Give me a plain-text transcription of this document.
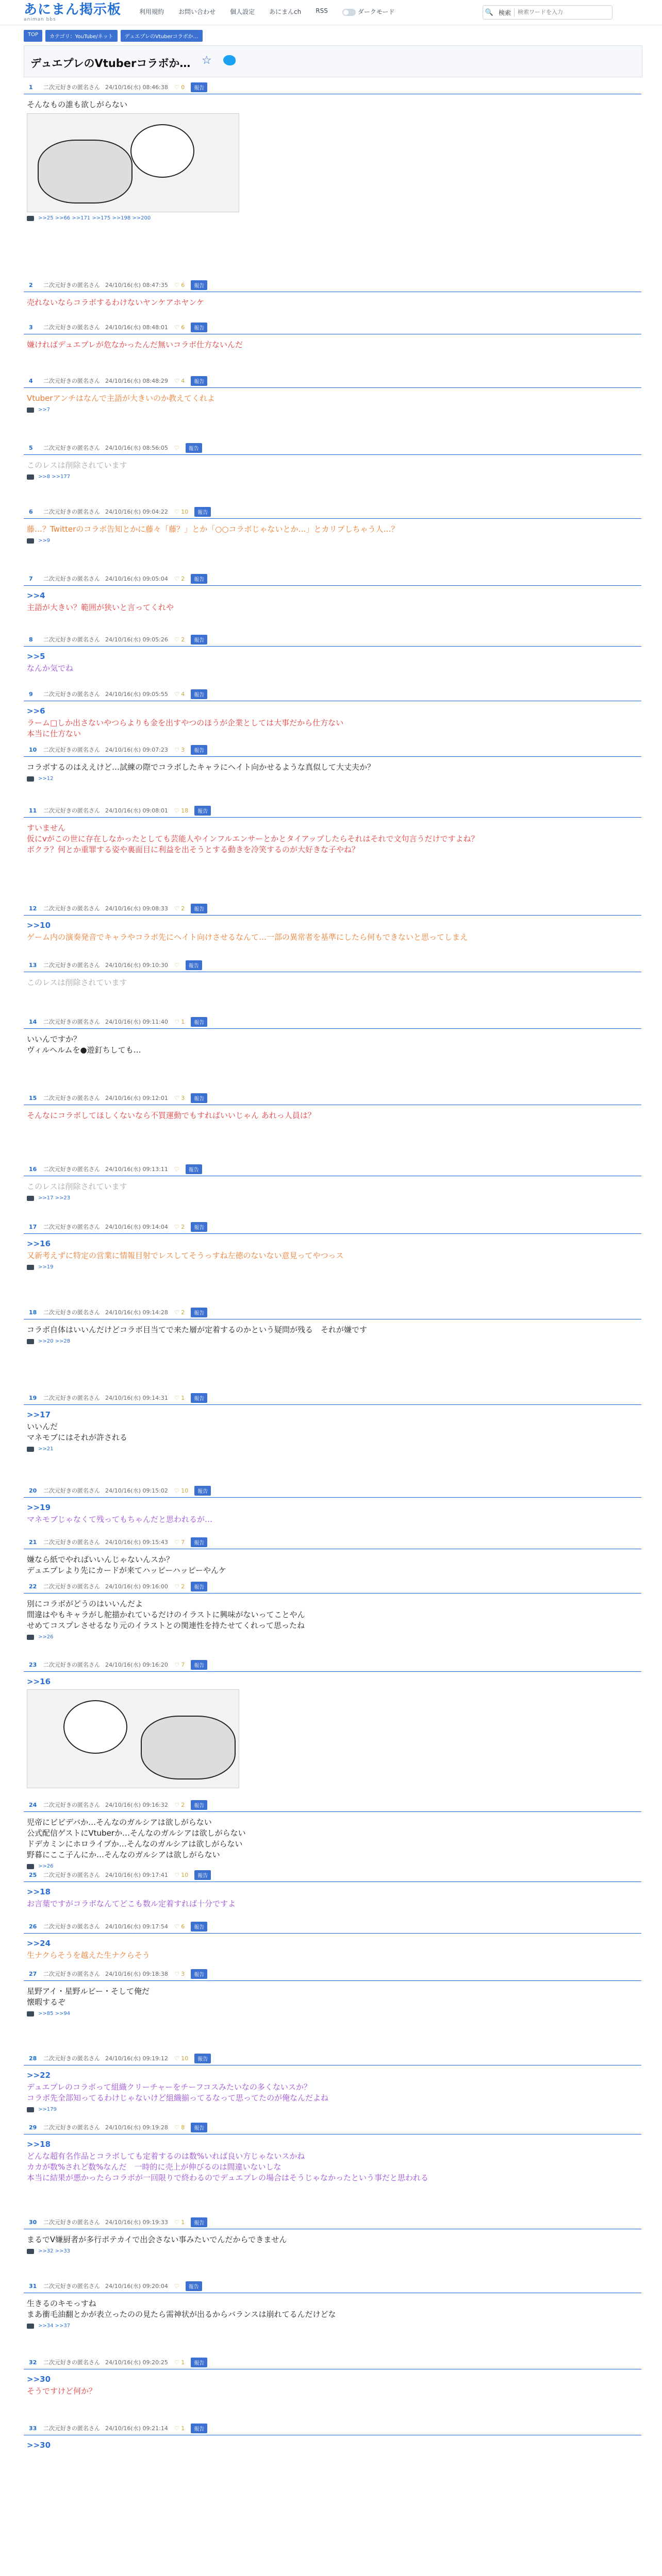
あにまん掲示板
animan bbs
利用規約 お問い合わせ 個人設定 あにまんch RSS	ダークモード	🔍 検索
検索ワードを入力
TOP	カテゴリ：YouTube/ネット	デュエプレのVtuberコラボか…
デュエプレのVtuberコラボか… ☆
1	二次元好きの匿名さん 24/10/16(水) 08:46:38 ♡ 0	報告
そんなもの誰も欲しがらない
>>25 >>66 >>171 >>175 >>198 >>200
2	二次元好きの匿名さん 24/10/16(水) 08:47:35 ♡ 6	報告
売れないならコラボするわけないヤンケアホヤンケ
3	二次元好きの匿名さん 24/10/16(水) 08:48:01 ♡ 6	報告
嫌ければデュエプレが危なかったんだ無いコラボ仕方ないんだ
4	二次元好きの匿名さん 24/10/16(水) 08:48:29 ♡ 4	報告
Vtuberアンチはなんで主語が大きいのか教えてくれよ
>>7
5	二次元好きの匿名さん 24/10/16(水) 08:56:05 ♡	報告
このレスは削除されています
>>8 >>177
6	二次元好きの匿名さん 24/10/16(水) 09:04:22 ♡ 10	報告
藤…？Twitterのコラボ告知とかに藤々「藤？」とか「○○コラボじゃないとか…」とカリプしちゃう人…？
>>9
7	二次元好きの匿名さん 24/10/16(水) 09:05:04 ♡ 2	報告
>>4
主語が大きい？範囲が狭いと言ってくれや
8	二次元好きの匿名さん 24/10/16(水) 09:05:26 ♡ 2	報告
>>5
なんか気でね
9	二次元好きの匿名さん 24/10/16(水) 09:05:55 ♡ 4	報告
>>6
ラーム□しか出さないやつらよりも金を出すやつのほうが企業としては大事だから仕方ない
本当に仕方ない
10	二次元好きの匿名さん 24/10/16(水) 09:07:23 ♡ 3	報告
コラボするのはええけど…試練の際でコラボしたキャラにヘイト向かせるような真似して大丈夫か？
>>12
11	二次元好きの匿名さん 24/10/16(水) 09:08:01 ♡ 18	報告
すいません
仮にvがこの世に存在しなかったとしても芸能人やインフルエンサーとかとタイアップしたらそれはそれで文句言うだけですよね？
ボクラ？何とか重罪する姿や裏面目に利益を出そうとする動きを冷笑するのが大好きな子やね？
12	二次元好きの匿名さん 24/10/16(水) 09:08:33 ♡ 2	報告
>>10
ゲーム内の演奏発音でキャラやコラボ先にヘイト向けさせるなんて…一部の異常者を基準にしたら何もできないと思ってしまえ
13	二次元好きの匿名さん 24/10/16(水) 09:10:30 ♡	報告
このレスは削除されています
14	二次元好きの匿名さん 24/10/16(水) 09:11:40 ♡ 1	報告
いいんですか？
ヴィルヘルムを●遊釘ちしても…
15	二次元好きの匿名さん 24/10/16(水) 09:12:01 ♡ 3	報告
そんなにコラボしてほしくないなら不買運動でもすればいいじゃん あれっ人員は？
16	二次元好きの匿名さん 24/10/16(水) 09:13:11 ♡	報告
このレスは削除されています
>>17 >>23
17	二次元好きの匿名さん 24/10/16(水) 09:14:04 ♡ 2	報告
>>16
又新考えずに特定の営業に情報目射でレスしてそうっすね左徳のないない意見ってやつっス
>>19
18	二次元好きの匿名さん 24/10/16(水) 09:14:28 ♡ 2	報告
コラボ自体はいいんだけどコラボ目当てで来た層が定着するのかという疑問が残る　それが嫌です
>>20 >>28
19	二次元好きの匿名さん 24/10/16(水) 09:14:31 ♡ 1	報告
>>17
いいんだ
マネモブにはそれが許される
>>21
20	二次元好きの匿名さん 24/10/16(水) 09:15:02 ♡ 10	報告
>>19
マネモブじゃなくて残ってもちゃんだと思われるが…
21	二次元好きの匿名さん 24/10/16(水) 09:15:43 ♡ 7	報告
嫌なら紙でやればいいんじゃないんスか？
デュエプレより先にカードが来てハッピーハッピーやんケ
22	二次元好きの匿名さん 24/10/16(水) 09:16:00 ♡ 2	報告
別にコラボがどうのはいいんだよ
間違はやもキャラがし舵描かれているだけのイラストに興味がないってことやん
せめてコスプレさせるなり元のイラストとの関連性を持たせてくれって思ったね
>>26
23	二次元好きの匿名さん 24/10/16(水) 09:16:20 ♡ 7	報告
>>16
24	二次元好きの匿名さん 24/10/16(水) 09:16:32 ♡ 2	報告
児帝にビビデバか…そんなのガルシアは欲しがらない
公式配信ゲストにVtuberか…そんなのガルシアは欲しがらない
ドデカミンにホロライブか…そんなのガルシアは欲しがらない
野暮にここ子んにか…そんなのガルシアは欲しがらない
>>26
25	二次元好きの匿名さん 24/10/16(水) 09:17:41 ♡ 10	報告
>>18
お言葉ですがコラボなんてどこも数ル定着すれば十分ですよ
26	二次元好きの匿名さん 24/10/16(水) 09:17:54 ♡ 6	報告
>>24
生ナクらそうを越えた生ナクらそう
27	二次元好きの匿名さん 24/10/16(水) 09:18:38 ♡ 3	報告
星野アイ・星野ルビー・そして俺だ
懐暇するぞ
>>85 >>94
28	二次元好きの匿名さん 24/10/16(水) 09:19:12 ♡ 10	報告
>>22
デュエプレのコラボって組織クリーチャーをチーフコスみたいなの多くないスか？
コラボ先全部知ってるわけじゃないけど組織揃ってるなって思ってたのが俺なんだよね
>>179
29	二次元好きの匿名さん 24/10/16(水) 09:19:28 ♡ 8	報告
>>18
どんな超有名作品とコラボしても定着するのは数%いれば良い方じゃないスかね
カカが数%されど数%なんだ　一時的に売上が伸びるのは間違いないしな
本当に結果が悪かったらコラボが一回限りで終わるのでデュエプレの場合はそうじゃなかったという事だと思われる
30	二次元好きの匿名さん 24/10/16(水) 09:19:33 ♡ 1	報告
まるでV嫌厨者が多行ポテカイで出会さない事みたいでんだからできません
>>32 >>33
31	二次元好きの匿名さん 24/10/16(水) 09:20:04 ♡	報告
生きるのキモっすね
まあ衝毛油翻とかが表立ったのの見たら需神状が出るからバランスは崩れてるんだけどな
>>34 >>37
32	二次元好きの匿名さん 24/10/16(水) 09:20:25 ♡ 1	報告
>>30
そうですけど何か？
33	二次元好きの匿名さん 24/10/16(水) 09:21:14 ♡ 1	報告
>>30
